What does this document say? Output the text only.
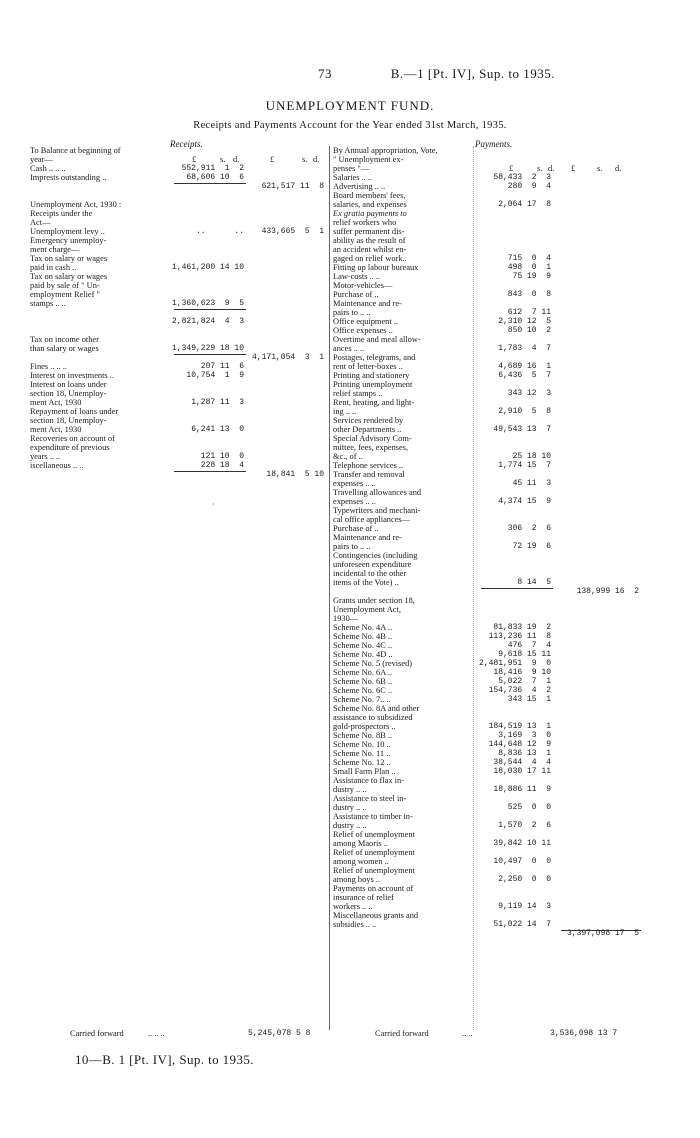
73	B.—1 [Pt. IV], Sup. to 1935.
UNEMPLOYMENT FUND.
Receipts and Payments Account for the Year ended 31st March, 1935.
Receipts.	Payments.
To Balance at beginning of
year—	£	s. d.	£	s. d.
Cash .. .. ..	552,911  1  2
Imprests outstanding ..	68,606 10  6
621,517 11  8
Unemployment Act, 1930 :
Receipts under the
Act—
Unemployment levy ..	..      .. 433,665  5  1
Emergency unemploy-
ment charge—
Tax on salary or wages
paid in cash ..	1,461,200 14 10
Tax on salary or wages
paid by sale of " Un-
employment Relief "
stamps .. ..	1,360,623  9  5
2,821,824  4  3
Tax on income other
than salary or wages	1,349,229 18 10
4,171,054  3  1
Fines .. .. ..	207 11  6
Interest on investments ..	10,754  1  9
Interest on loans under
section 18, Unemploy-
ment Act, 1930	1,287 11  3
Repayment of loans under
section 18, Unemploy-
ment Act, 1930	6,241 13  0
Recoveries on account of
expenditure of previous
years .. ..	121 10  0
iscellaneous .. ..	228 18  4
18,841  5 10
By Annual appropriation, Vote,
" Unemployment ex-
penses "—	£	s. d. £	s. d.
Salaries .. ..	58,433  2  3
Advertising .. ..	280  9  4
Board members' fees,
salaries, and expenses	2,064 17  8
Ex gratia payments to
relief workers who
suffer permanent dis-
ability as the result of
an accident whilst en-
gaged on relief work..	715  0  4
Fitting up labour bureaux	498  0  1
Law-costs .. ..	75 19  9
Motor-vehicles—
Purchase of ..	843  0  8
Maintenance and re-
pairs to .. ..	612  7 11
Office equipment ..	2,310 12  5
Office expenses ..	850 10  2
Overtime and meal allow-
ances .. ..	1,783  4  7
Postages, telegrams, and
rent of letter-boxes ..	4,689 16  1
Printing and stationery	6,436  5  7
Printing unemployment
relief stamps ..	343 12  3
Rent, heating, and light-
ing .. ..	2,910  5  8
Services rendered by
other Departments ..	49,543 13  7
Special Advisory Com-
mittee, fees, expenses,
&c., of ..	25 18 10
Telephone services ..	1,774 15  7
Transfer and removal
expenses .. ..	45 11  3
Travelling allowances and
expenses .. ..	4,374 15  9
Typewriters and mechani-
cal office appliances—
Purchase of ..	306  2  6
Maintenance and re-
pairs to .. ..	72 19  6
Contingencies (including
unforeseen expenditure
incidental to the other
items of the Vote) ..	8 14  5
138,999 16  2
Grants under section 18,
Unemployment Act,
1930—
Scheme No. 4A ..	81,833 19  2
Scheme No. 4B ..	113,236 11  8
Scheme No. 4C ..	476  7  4
Scheme No. 4D ..	9,618 15 11
Scheme No. 5 (revised)	2,481,951  9  0
Scheme No. 6A ..	18,416  9 10
Scheme No. 6B ..	5,022  7  1
Scheme No. 6C ..	154,736  4  2
Scheme No. 7.. ..	343 15  1
Scheme No. 8A and other
assistance to subsidized
gold-prospectors ..	184,519 13  1
Scheme No. 8B ..	3,169  3  0
Scheme No. 10 ..	144,648 12  9
Scheme No. 11 ..	8,836 13  1
Scheme No. 12 ..	38,544  4  4
Small Farm Plan ..	18,030 17 11
Assistance to flax in-
dustry .. ..	18,886 11  9
Assistance to steel in-
dustry .. ..	525  0  0
Assistance to timber in-
dustry .. ..	1,570  2  6
Relief of unemployment
among Maoris ..	39,842 10 11
Relief of unemployment
among women ..	10,497  0  0
Relief of unemployment
among boys ..	2,250  0  0
Payments on account of
insurance of relief
workers .. ..	9,119 14  3
Miscellaneous grants and
subsidies .. ..	51,022 14  7
3,397,098 17  5
·
Carried forward	.. .. ..	5,245,078 5 8	Carried forward	.. ..	3,536,098 13 7
10—B. 1 [Pt. IV], Sup. to 1935.
